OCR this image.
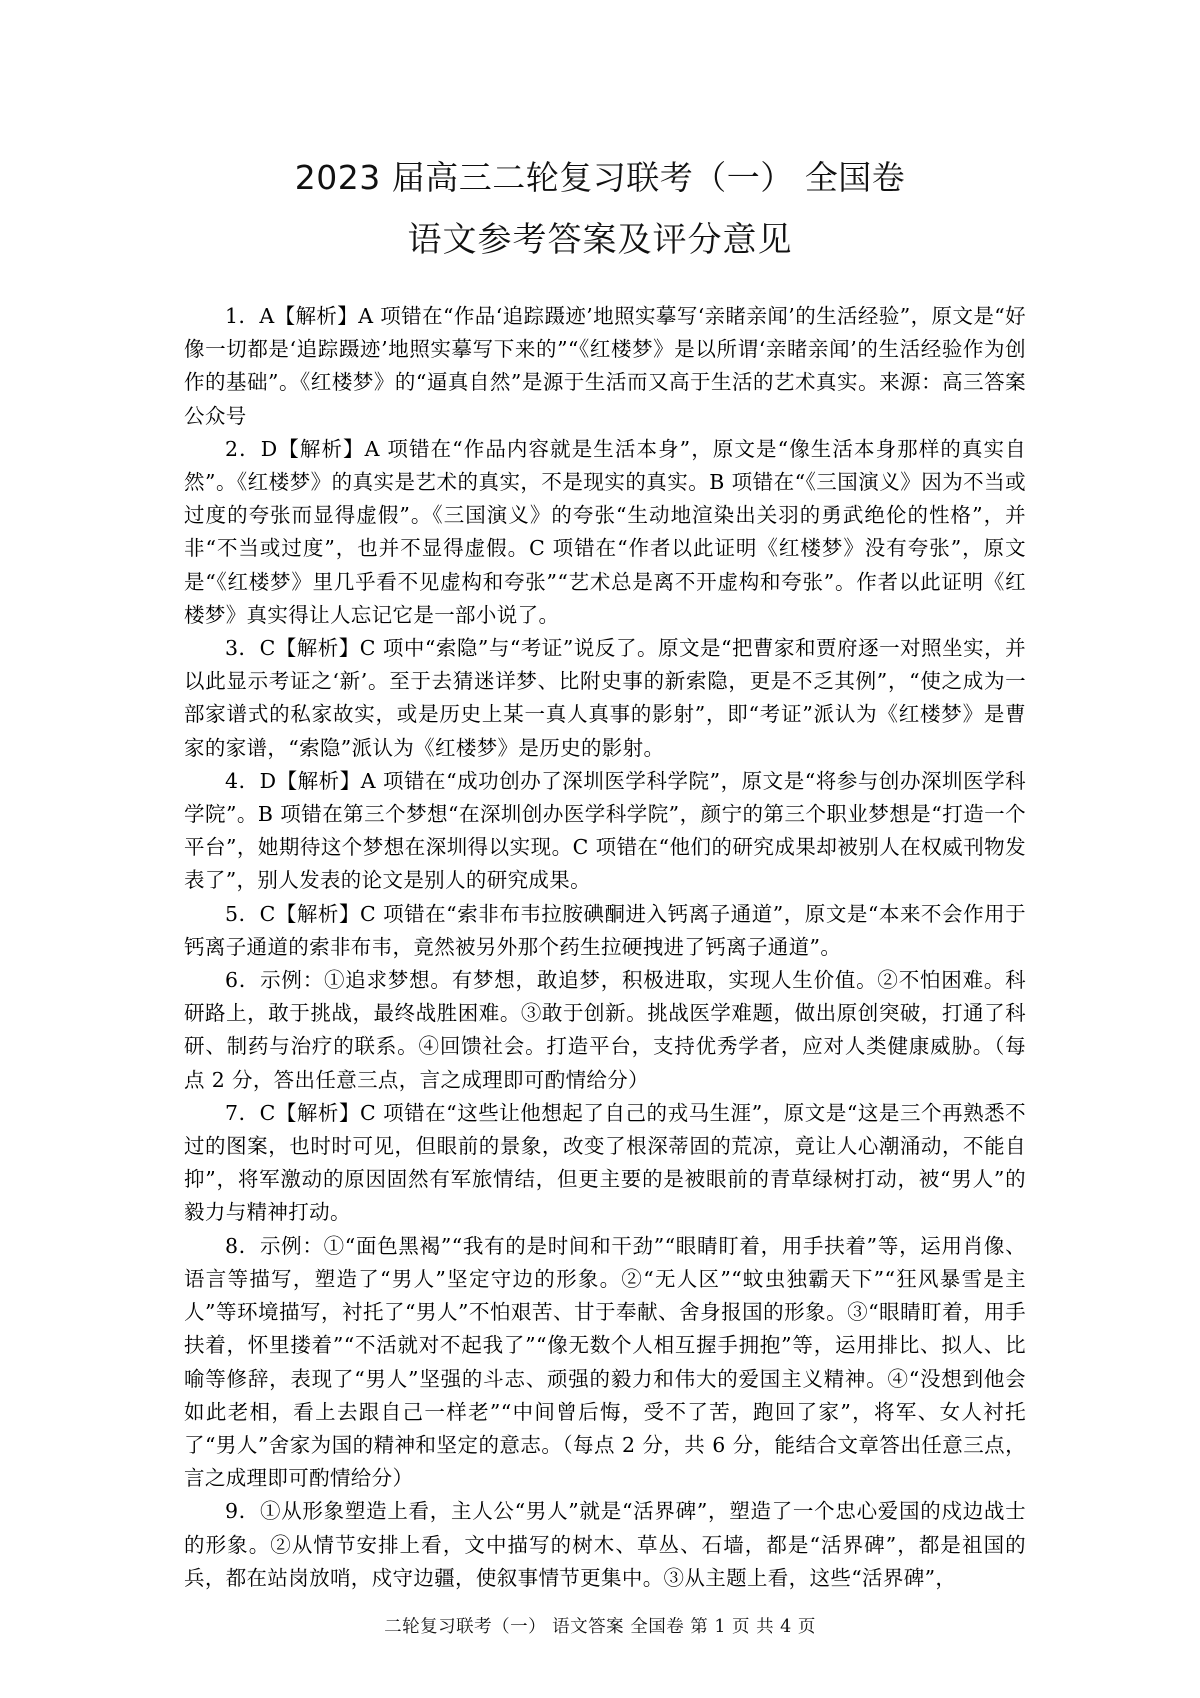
2023 届高三二轮复习联考（一） 全国卷
语文参考答案及评分意见

1．A【解析】A 项错在“作品‘追踪蹑迹’地照实摹写‘亲睹亲闻’的生活经验”，原文是“好像一切都是‘追踪蹑迹’地照实摹写下来的”“《红楼梦》是以所谓‘亲睹亲闻’的生活经验作为创作的基础”。《红楼梦》的“逼真自然”是源于生活而又高于生活的艺术真实。来源：高三答案公众号

2．D【解析】A 项错在“作品内容就是生活本身”，原文是“像生活本身那样的真实自然”。《红楼梦》的真实是艺术的真实，不是现实的真实。B 项错在“《三国演义》因为不当或过度的夸张而显得虚假”。《三国演义》的夸张“生动地渲染出关羽的勇武绝伦的性格”，并非“不当或过度”，也并不显得虚假。C 项错在“作者以此证明《红楼梦》没有夸张”，原文是“《红楼梦》里几乎看不见虚构和夸张”“艺术总是离不开虚构和夸张”。作者以此证明《红楼梦》真实得让人忘记它是一部小说了。

3．C【解析】C 项中“索隐”与“考证”说反了。原文是“把曹家和贾府逐一对照坐实，并以此显示考证之‘新’。至于去猜迷详梦、比附史事的新索隐，更是不乏其例”，“使之成为一部家谱式的私家故实，或是历史上某一真人真事的影射”，即“考证”派认为《红楼梦》是曹家的家谱，“索隐”派认为《红楼梦》是历史的影射。

4．D【解析】A 项错在“成功创办了深圳医学科学院”，原文是“将参与创办深圳医学科学院”。B 项错在第三个梦想“在深圳创办医学科学院”，颜宁的第三个职业梦想是“打造一个平台”，她期待这个梦想在深圳得以实现。C 项错在“他们的研究成果却被别人在权威刊物发表了”，别人发表的论文是别人的研究成果。

5．C【解析】C 项错在“索非布韦拉胺碘酮进入钙离子通道”，原文是“本来不会作用于钙离子通道的索非布韦，竟然被另外那个药生拉硬拽进了钙离子通道”。

6．示例：①追求梦想。有梦想，敢追梦，积极进取，实现人生价值。②不怕困难。科研路上，敢于挑战，最终战胜困难。③敢于创新。挑战医学难题，做出原创突破，打通了科研、制药与治疗的联系。④回馈社会。打造平台，支持优秀学者，应对人类健康威胁。（每点 2 分，答出任意三点，言之成理即可酌情给分）

7．C【解析】C 项错在“这些让他想起了自己的戎马生涯”，原文是“这是三个再熟悉不过的图案，也时时可见，但眼前的景象，改变了根深蒂固的荒凉，竟让人心潮涌动，不能自抑”，将军激动的原因固然有军旅情结，但更主要的是被眼前的青草绿树打动，被“男人”的毅力与精神打动。

8．示例：①“面色黑褐”“我有的是时间和干劲”“眼睛盯着，用手扶着”等，运用肖像、语言等描写，塑造了“男人”坚定守边的形象。②“无人区”“蚊虫独霸天下”“狂风暴雪是主人”等环境描写，衬托了“男人”不怕艰苦、甘于奉献、舍身报国的形象。③“眼睛盯着，用手扶着，怀里搂着”“不活就对不起我了”“像无数个人相互握手拥抱”等，运用排比、拟人、比喻等修辞，表现了“男人”坚强的斗志、顽强的毅力和伟大的爱国主义精神。④“没想到他会如此老相，看上去跟自己一样老”“中间曾后悔，受不了苦，跑回了家”，将军、女人衬托了“男人”舍家为国的精神和坚定的意志。（每点 2 分，共 6 分，能结合文章答出任意三点，言之成理即可酌情给分）

9．①从形象塑造上看，主人公“男人”就是“活界碑”，塑造了一个忠心爱国的戍边战士的形象。②从情节安排上看，文中描写的树木、草丛、石墙，都是“活界碑”，都是祖国的兵，都在站岗放哨，戍守边疆，使叙事情节更集中。③从主题上看，这些“活界碑”，

二轮复习联考（一） 语文答案 全国卷 第 1 页 共 4 页
